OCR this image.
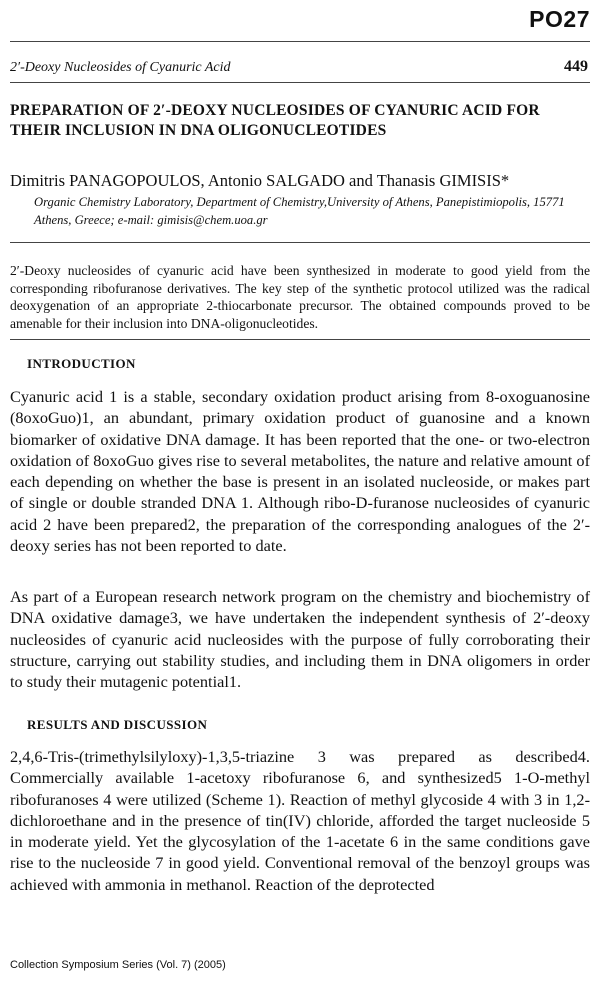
PO27
2′-Deoxy Nucleosides of Cyanuric Acid	449
PREPARATION OF 2′-DEOXY NUCLEOSIDES OF CYANURIC ACID FOR THEIR INCLUSION IN DNA OLIGONUCLEOTIDES
Dimitris PANAGOPOULOS, Antonio SALGADO and Thanasis GIMISIS*
Organic Chemistry Laboratory, Department of Chemistry,University of Athens, Panepistimiopolis, 15771 Athens, Greece; e-mail: gimisis@chem.uoa.gr
2′-Deoxy nucleosides of cyanuric acid have been synthesized in moderate to good yield from the corresponding ribofuranose derivatives. The key step of the synthetic protocol utilized was the radical deoxygenation of an appropriate 2-thiocarbonate precursor. The obtained compounds proved to be amenable for their inclusion into DNA-oligonucleotides.
INTRODUCTION
Cyanuric acid 1 is a stable, secondary oxidation product arising from 8-oxoguanosine (8oxoGuo)1, an abundant, primary oxidation product of guanosine and a known biomarker of oxidative DNA damage. It has been reported that the one- or two-electron oxidation of 8oxoGuo gives rise to several metabolites, the nature and relative amount of each depending on whether the base is present in an isolated nucleoside, or makes part of single or double stranded DNA 1. Although ribo-D-furanose nucleosides of cyanuric acid 2 have been prepared2, the preparation of the corresponding analogues of the 2′-deoxy series has not been reported to date.
As part of a European research network program on the chemistry and biochemistry of DNA oxidative damage3, we have undertaken the independent synthesis of 2′-deoxy nucleosides of cyanuric acid nucleosides with the purpose of fully corroborating their structure, carrying out stability studies, and including them in DNA oligomers in order to study their mutagenic potential1.
RESULTS AND DISCUSSION
2,4,6-Tris-(trimethylsilyloxy)-1,3,5-triazine 3 was prepared as described4. Commercially available 1-acetoxy ribofuranose 6, and synthesized5 1-O-methyl ribofuranoses 4 were utilized (Scheme 1). Reaction of methyl glycoside 4 with 3 in 1,2-dichloroethane and in the presence of tin(IV) chloride, afforded the target nucleoside 5 in moderate yield. Yet the glycosylation of the 1-acetate 6 in the same conditions gave rise to the nucleoside 7 in good yield. Conventional removal of the benzoyl groups was achieved with ammonia in methanol. Reaction of the deprotected
Collection Symposium Series (Vol. 7) (2005)
